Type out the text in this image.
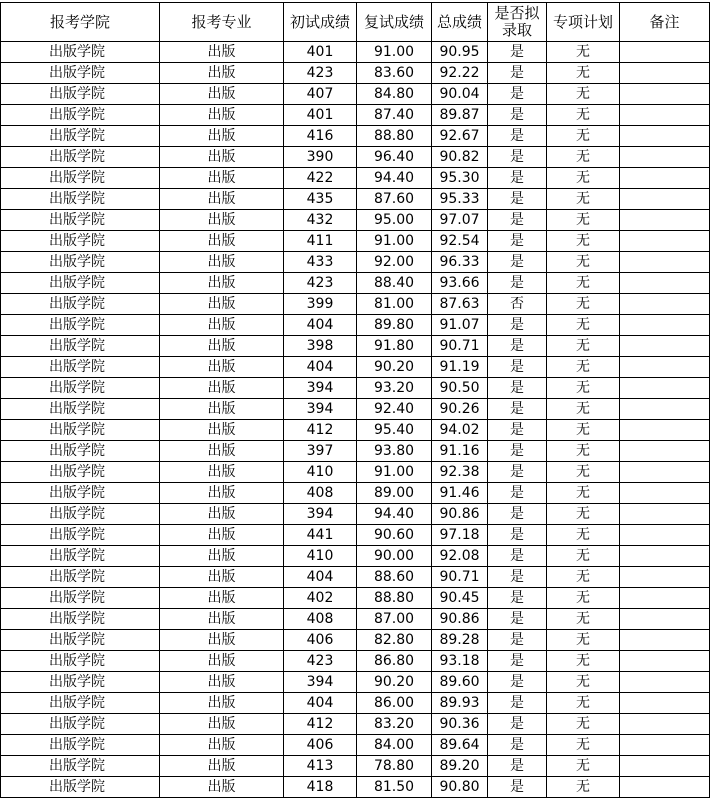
报考学院	报考专业	初试成绩	复试成绩	总成绩	是否拟录取	专项计划	备注
出版学院	出版	401	91.00	90.95	是	无	
出版学院	出版	423	83.60	92.22	是	无	
出版学院	出版	407	84.80	90.04	是	无	
出版学院	出版	401	87.40	89.87	是	无	
出版学院	出版	416	88.80	92.67	是	无	
出版学院	出版	390	96.40	90.82	是	无	
出版学院	出版	422	94.40	95.30	是	无	
出版学院	出版	435	87.60	95.33	是	无	
出版学院	出版	432	95.00	97.07	是	无	
出版学院	出版	411	91.00	92.54	是	无	
出版学院	出版	433	92.00	96.33	是	无	
出版学院	出版	423	88.40	93.66	是	无	
出版学院	出版	399	81.00	87.63	否	无	
出版学院	出版	404	89.80	91.07	是	无	
出版学院	出版	398	91.80	90.71	是	无	
出版学院	出版	404	90.20	91.19	是	无	
出版学院	出版	394	93.20	90.50	是	无	
出版学院	出版	394	92.40	90.26	是	无	
出版学院	出版	412	95.40	94.02	是	无	
出版学院	出版	397	93.80	91.16	是	无	
出版学院	出版	410	91.00	92.38	是	无	
出版学院	出版	408	89.00	91.46	是	无	
出版学院	出版	394	94.40	90.86	是	无	
出版学院	出版	441	90.60	97.18	是	无	
出版学院	出版	410	90.00	92.08	是	无	
出版学院	出版	404	88.60	90.71	是	无	
出版学院	出版	402	88.80	90.45	是	无	
出版学院	出版	408	87.00	90.86	是	无	
出版学院	出版	406	82.80	89.28	是	无	
出版学院	出版	423	86.80	93.18	是	无	
出版学院	出版	394	90.20	89.60	是	无	
出版学院	出版	404	86.00	89.93	是	无	
出版学院	出版	412	83.20	90.36	是	无	
出版学院	出版	406	84.00	89.64	是	无	
出版学院	出版	413	78.80	89.20	是	无	
出版学院	出版	418	81.50	90.80	是	无	
